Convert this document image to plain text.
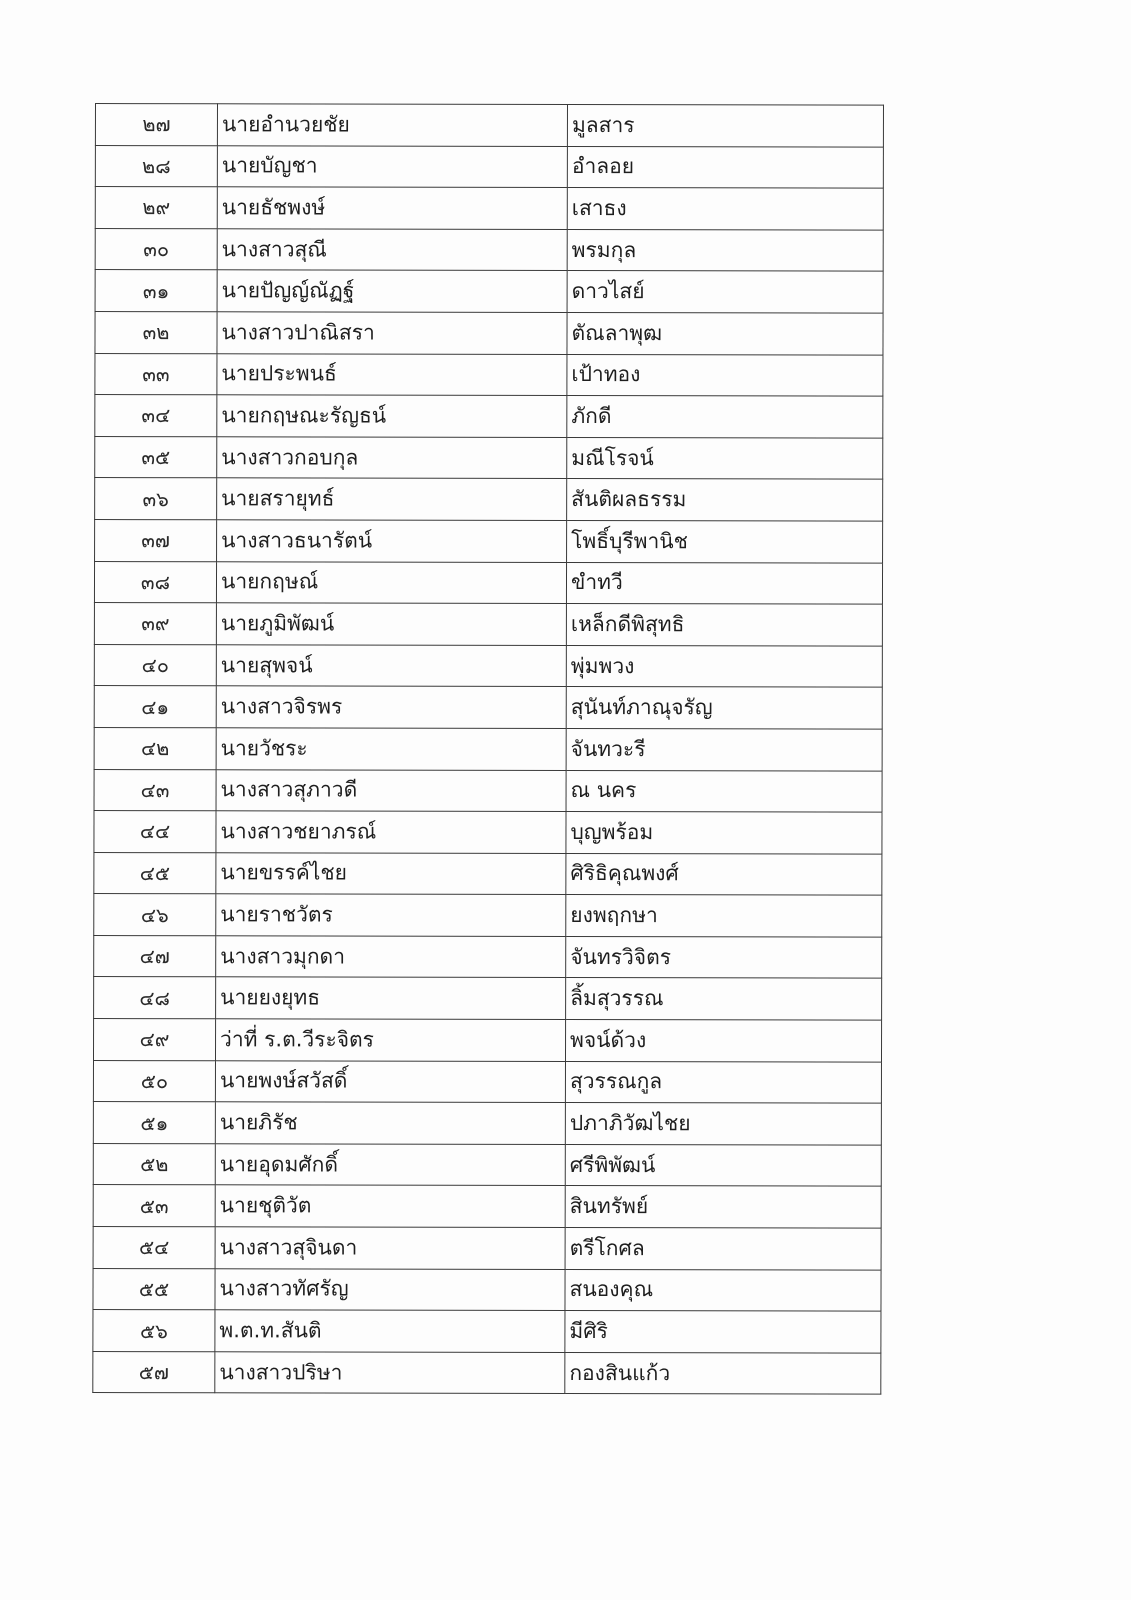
๒๗	นายอำนวยชัย	มูลสาร
๒๘	นายบัญชา	อำลอย
๒๙	นายธัชพงษ์	เสาธง
๓๐	นางสาวสุณี	พรมกุล
๓๑	นายปัญญ์ณัฏฐ์	ดาวไสย์
๓๒	นางสาวปาณิสรา	ตัณลาพุฒ
๓๓	นายประพนธ์	เป้าทอง
๓๔	นายกฤษณะรัญธน์	ภักดี
๓๕	นางสาวกอบกุล	มณีโรจน์
๓๖	นายสรายุทธ์	สันติผลธรรม
๓๗	นางสาวธนารัตน์	โพธิ์บุรีพานิช
๓๘	นายกฤษณ์	ขำทวี
๓๙	นายภูมิพัฒน์	เหล็กดีพิสุทธิ
๔๐	นายสุพจน์	พุ่มพวง
๔๑	นางสาวจิรพร	สุนันท์ภาณุจรัญ
๔๒	นายวัชระ	จันทวะรี
๔๓	นางสาวสุภาวดี	ณ นคร
๔๔	นางสาวชยาภรณ์	บุญพร้อม
๔๕	นายขรรค์ไชย	ศิริธิคุณพงศ์
๔๖	นายราชวัตร	ยงพฤกษา
๔๗	นางสาวมุกดา	จันทรวิจิตร
๔๘	นายยงยุทธ	ลิ้มสุวรรณ
๔๙	ว่าที่ ร.ต.วีระจิตร	พจน์ด้วง
๕๐	นายพงษ์สวัสดิ์	สุวรรณกูล
๕๑	นายภิรัช	ปภาภิวัฒไชย
๕๒	นายอุดมศักดิ์	ศรีพิพัฒน์
๕๓	นายชุติวัต	สินทรัพย์
๕๔	นางสาวสุจินดา	ตรีโกศล
๕๕	นางสาวทัศรัญ	สนองคุณ
๕๖	พ.ต.ท.สันติ	มีศิริ
๕๗	นางสาวปริษา	กองสินแก้ว
